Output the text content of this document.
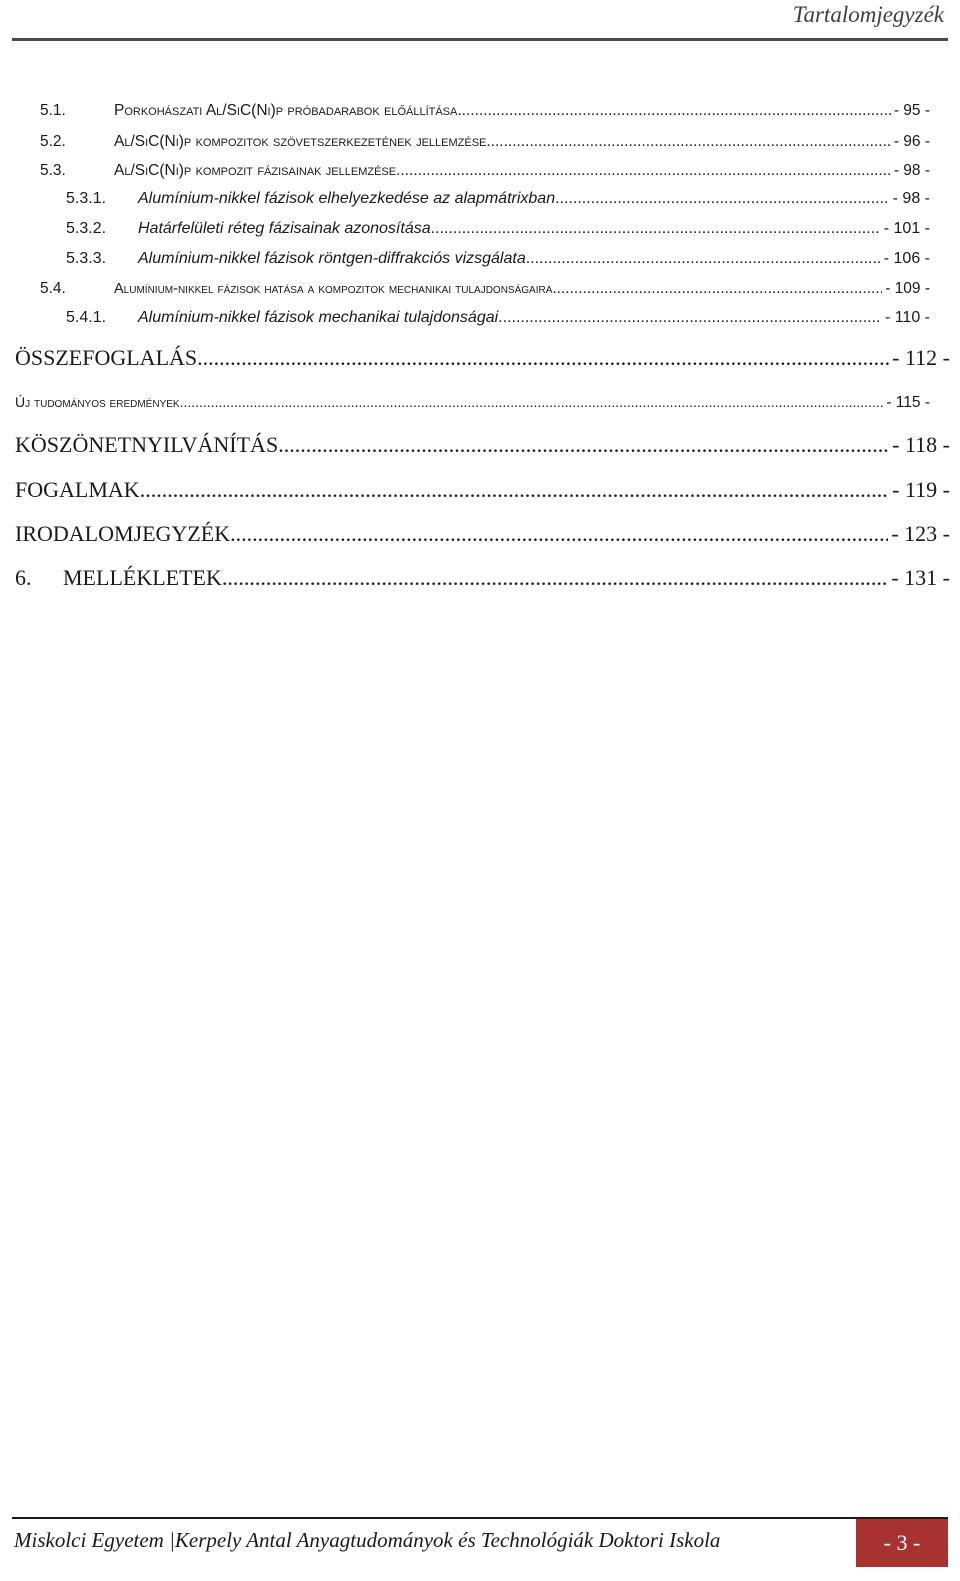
Tartalomjegyzék
5.1.	Porkohászati Al/SiC(Ni)p próbadarabok előállítása .....	- 95 -
5.2.	Al/SiC(Ni)p kompozitok szövetszerkezetének jellemzése .....	- 96 -
5.3.	Al/SiC(Ni)p kompozit fázisainak jellemzése .....	- 98 -
5.3.1.	Alumínium-nikkel fázisok elhelyezkedése az alapmátrixban .....	- 98 -
5.3.2.	Határfelületi réteg fázisainak azonosítása .....	- 101 -
5.3.3.	Alumínium-nikkel fázisok röntgen-diffrakciós vizsgálata .....	- 106 -
5.4.	Alumínium-nikkel fázisok hatása a kompozitok mechanikai tulajdonságaira .....	- 109 -
5.4.1.	Alumínium-nikkel fázisok mechanikai tulajdonságai .....	- 110 -
ÖSSZEFOGLALÁS .....	- 112 -
Új tudományos eredmények .....	- 115 -
KÖSZÖNETNYILVÁNÍTÁS .....	- 118 -
FOGALMAK .....	- 119 -
IRODALOMJEGYZÉK .....	- 123 -
6.	MELLÉKLETEK .....	- 131 -
Miskolci Egyetem |Kerpely Antal Anyagtudományok és Technológiák Doktori Iskola	- 3 -
